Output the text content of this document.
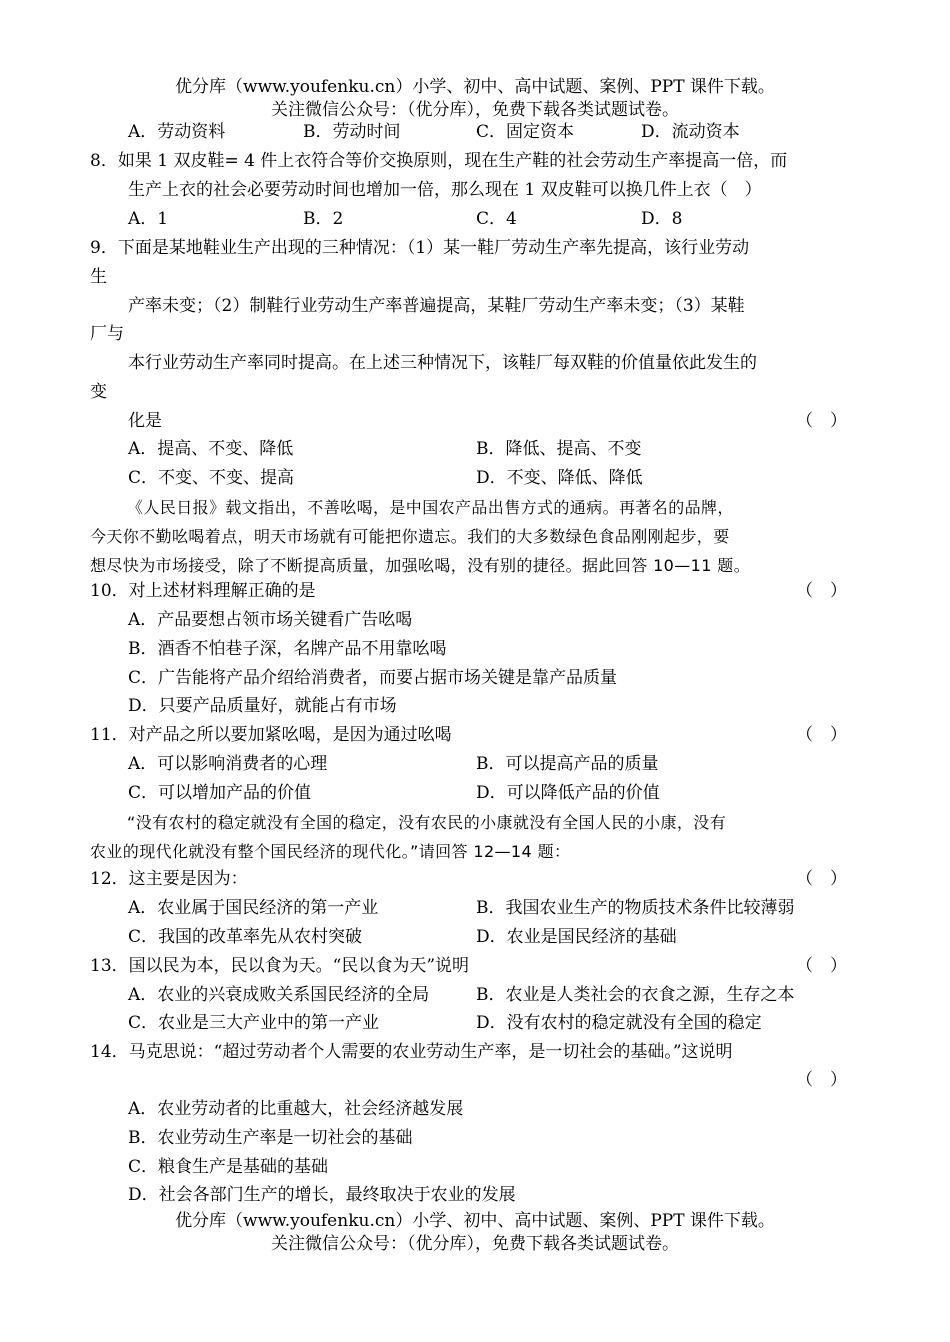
优分库（www.youfenku.cn）小学、初中、高中试题、案例、PPT 课件下载。
关注微信公众号：（优分库），免费下载各类试题试卷。
A．劳动资料	B．劳动时间	C．固定资本	D．流动资本
8．如果 1 双皮鞋= 4 件上衣符合等价交换原则，现在生产鞋的社会劳动生产率提高一倍，而
生产上衣的社会必要劳动时间也增加一倍，那么现在 1 双皮鞋可以换几件上衣（　）
A．1	B．2	C．4	D．8
9．下面是某地鞋业生产出现的三种情况：（1）某一鞋厂劳动生产率先提高，该行业劳动
生
产率未变；（2）制鞋行业劳动生产率普遍提高，某鞋厂劳动生产率未变；（3）某鞋
厂与
本行业劳动生产率同时提高。在上述三种情况下，该鞋厂每双鞋的价值量依此发生的
变
化是	（　）
A．提高、不变、降低	B．降低、提高、不变
C．不变、不变、提高	D．不变、降低、降低

《人民日报》载文指出，不善吆喝，是中国农产品出售方式的通病。再著名的品牌，

今天你不勤吆喝着点，明天市场就有可能把你遗忘。我们的大多数绿色食品刚刚起步，要

想尽快为市场接受，除了不断提高质量，加强吆喝，没有别的捷径。据此回答 10—11 题。

10．对上述材料理解正确的是	（　）
A．产品要想占领市场关键看广告吆喝
B．酒香不怕巷子深，名牌产品不用靠吆喝
C．广告能将产品介绍给消费者，而要占据市场关键是靠产品质量
D．只要产品质量好，就能占有市场
11．对产品之所以要加紧吆喝，是因为通过吆喝	（　）
A．可以影响消费者的心理	B．可以提高产品的质量
C．可以增加产品的价值	D．可以降低产品的价值

“没有农村的稳定就没有全国的稳定，没有农民的小康就没有全国人民的小康，没有

农业的现代化就没有整个国民经济的现代化。”请回答 12—14 题：

12．这主要是因为：	（　）
A．农业属于国民经济的第一产业	B．我国农业生产的物质技术条件比较薄弱
C．我国的改革率先从农村突破	D．农业是国民经济的基础
13．国以民为本，民以食为天。“民以食为天”说明	（　）
A．农业的兴衰成败关系国民经济的全局	B．农业是人类社会的衣食之源，生存之本
C．农业是三大产业中的第一产业	D．没有农村的稳定就没有全国的稳定
14．马克思说：“超过劳动者个人需要的农业劳动生产率，是一切社会的基础。”这说明
（　）
A．农业劳动者的比重越大，社会经济越发展
B．农业劳动生产率是一切社会的基础
C．粮食生产是基础的基础
D．社会各部门生产的增长，最终取决于农业的发展
优分库（www.youfenku.cn）小学、初中、高中试题、案例、PPT 课件下载。
关注微信公众号：（优分库），免费下载各类试题试卷。
